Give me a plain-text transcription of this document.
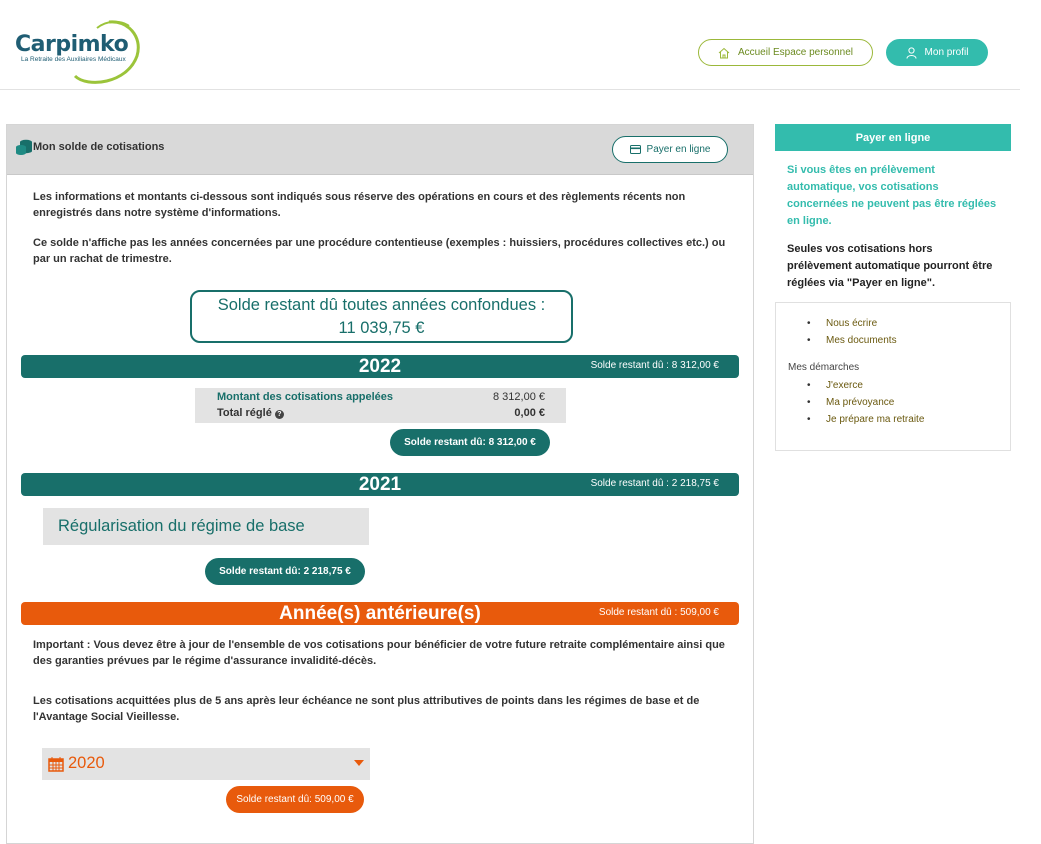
Carpimko
La Retraite des Auxiliaires Médicaux
Accueil Espace personnel	Mon profil
Mon solde de cotisations	Payer en ligne

Les informations et montants ci-dessous sont indiqués sous réserve des opérations en cours et des règlements récents non enregistrés dans notre système d'informations.

Ce solde n'affiche pas les années concernées par une procédure contentieuse (exemples : huissiers, procédures collectives etc.) ou par un rachat de trimestre.

Solde restant dû toutes années confondues :
11 039,75 €
2022	Solde restant dû : 8 312,00 €
Montant des cotisations appelées	8 312,00 €
Total réglé ?	0,00 €
Solde restant dû: 8 312,00 €
2021	Solde restant dû : 2 218,75 €
Régularisation du régime de base
Solde restant dû: 2 218,75 €
Année(s) antérieure(s)	Solde restant dû : 509,00 €

Important : Vous devez être à jour de l'ensemble de vos cotisations pour bénéficier de votre future retraite complémentaire ainsi que des garanties prévues par le régime d'assurance invalidité-décès.

Les cotisations acquittées plus de 5 ans après leur échéance ne sont plus attributives de points dans les régimes de base et de l'Avantage Social Vieillesse.

2020
Solde restant dû: 509,00 €
Payer en ligne

Si vous êtes en prélèvement automatique, vos cotisations concernées ne peuvent pas être réglées en ligne.

Seules vos cotisations hors prélèvement automatique pourront être réglées via "Payer en ligne".

• Nous écrire
• Mes documents
Mes démarches
• J'exerce
• Ma prévoyance
• Je prépare ma retraite
